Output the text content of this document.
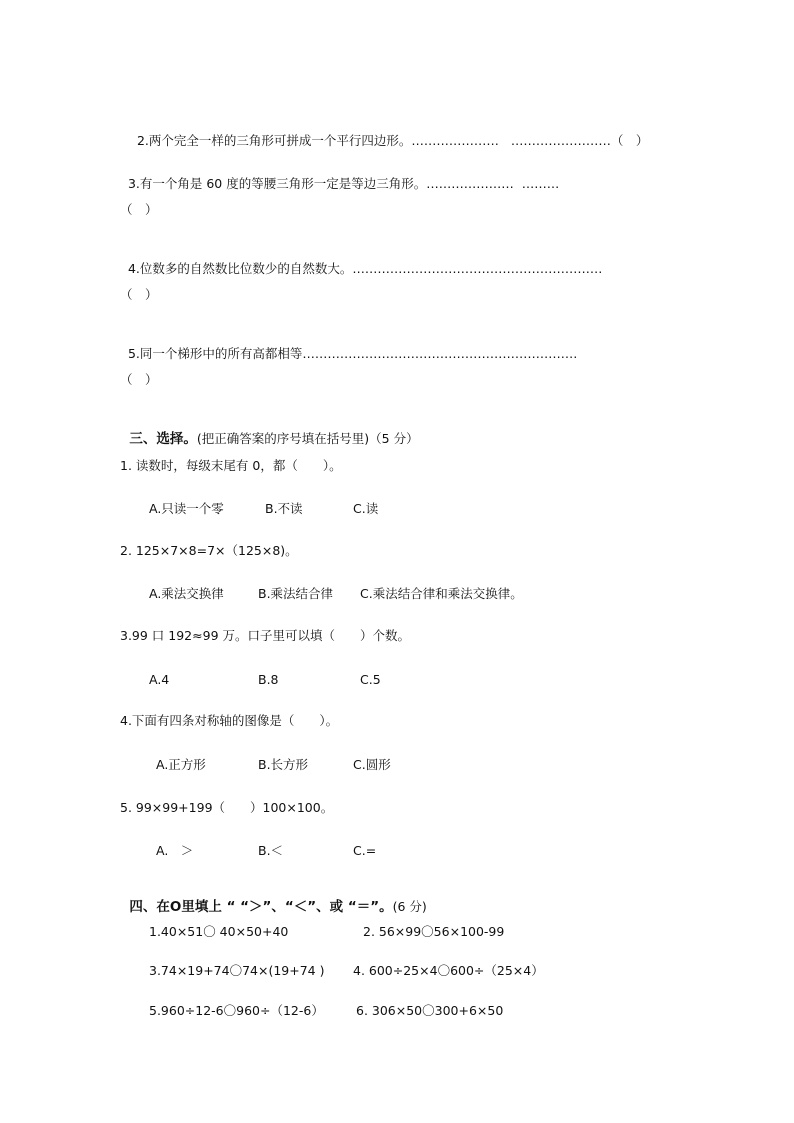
2.两个完全一样的三角形可拼成一个平行四边形。………………… ……………………（　）

3.有一个角是 60 度的等腰三角形一定是等边三角形。………………… ………

（　）

4.位数多的自然数比位数少的自然数大。……………………………………………………

（　）

5.同一个梯形中的所有高都相等…………………………………………………………

（　）

三、选择。(把正确答案的序号填在括号里)（5 分）

1. 读数时，每级末尾有 0，都（　　）。
A.只读一个零	B.不读	C.读
2. 125×7×8=7×（125×8)。
A.乘法交换律	B.乘法结合律 C.乘法结合律和乘法交换律。
3.99 口 192≈99 万。口子里可以填（　　）个数。
A.4	B.8	C.5
4.下面有四条对称轴的图像是（　　）。
A.正方形	B.长方形	C.圆形
5. 99×99+199（　　）100×100。
A.　＞	B.＜	C.=

四、在O里填上 “ “＞”、“＜”、或 “＝”。(6 分)

1.40×51〇 40×50+40	2. 56×99〇56×100-99
3.74×19+74〇74×(19+74 ) 4. 600÷25×4〇600÷（25×4）
5.960÷12-6〇960÷（12-6）	6. 306×50〇300+6×50
